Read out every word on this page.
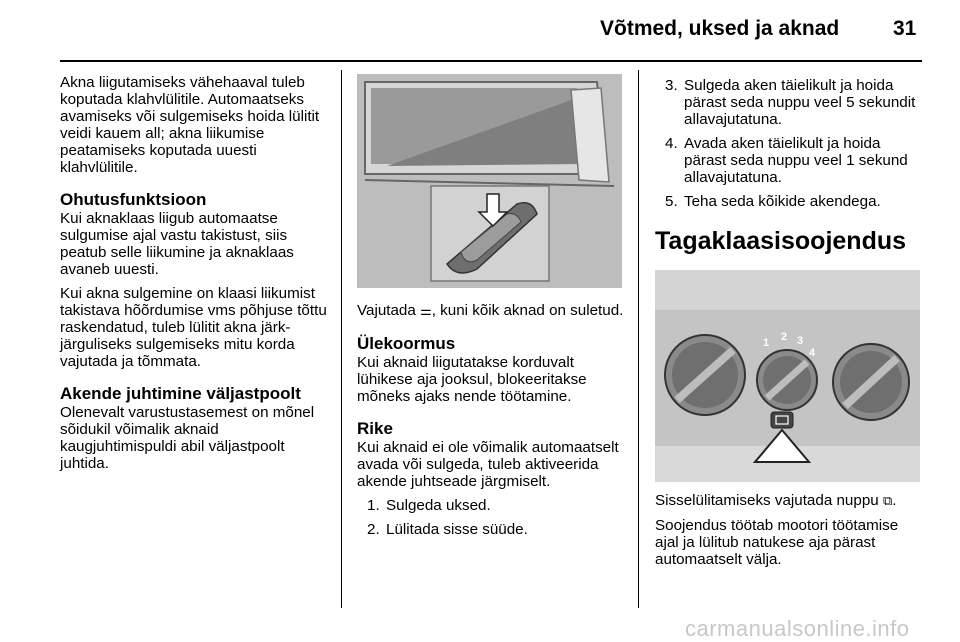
Võtmed, uksed ja aknad	31

Akna liigutamiseks vähehaaval tuleb koputada klahvlülitile. Automaatseks avamiseks või sulgemiseks hoida lülitit veidi kauem all; akna liikumise peatamiseks koputada uuesti klahvlülitile.

Ohutusfunktsioon

Kui aknaklaas liigub automaatse sulgumise ajal vastu takistust, siis peatub selle liikumine ja aknaklaas avaneb uuesti.

Kui akna sulgemine on klaasi liikumist takistava hõõrdumise vms põhjuse tõttu raskendatud, tuleb lülitit akna järk-järguliseks sulgemiseks mitu korda vajutada ja tõmmata.

Akende juhtimine väljastpoolt

Olenevalt varustustasemest on mõnel sõidukil võimalik aknaid kaugjuhtimispuldi abil väljastpoolt juhtida.

Vajutada ⚌, kuni kõik aknad on suletud.

Ülekoormus

Kui aknaid liigutatakse korduvalt lühikese aja jooksul, blokeeritakse mõneks ajaks nende töötamine.

Rike

Kui aknaid ei ole võimalik automaatselt avada või sulgeda, tuleb aktiveerida akende juhtseade järgmiselt.

1. Sulgeda uksed.
2. Lülitada sisse süüde.
3. Sulgeda aken täielikult ja hoida pärast seda nuppu veel 5 sekundit allavajutatuna.
4. Avada aken täielikult ja hoida pärast seda nuppu veel 1 sekund allavajutatuna.
5. Teha seda kõikide akendega.
Tagaklaasisoojendus
1 2 3
4

Sisselülitamiseks vajutada nuppu ⧉.

Soojendus töötab mootori töötamise ajal ja lülitub natukese aja pärast automaatselt välja.

carmanualsonline.info
